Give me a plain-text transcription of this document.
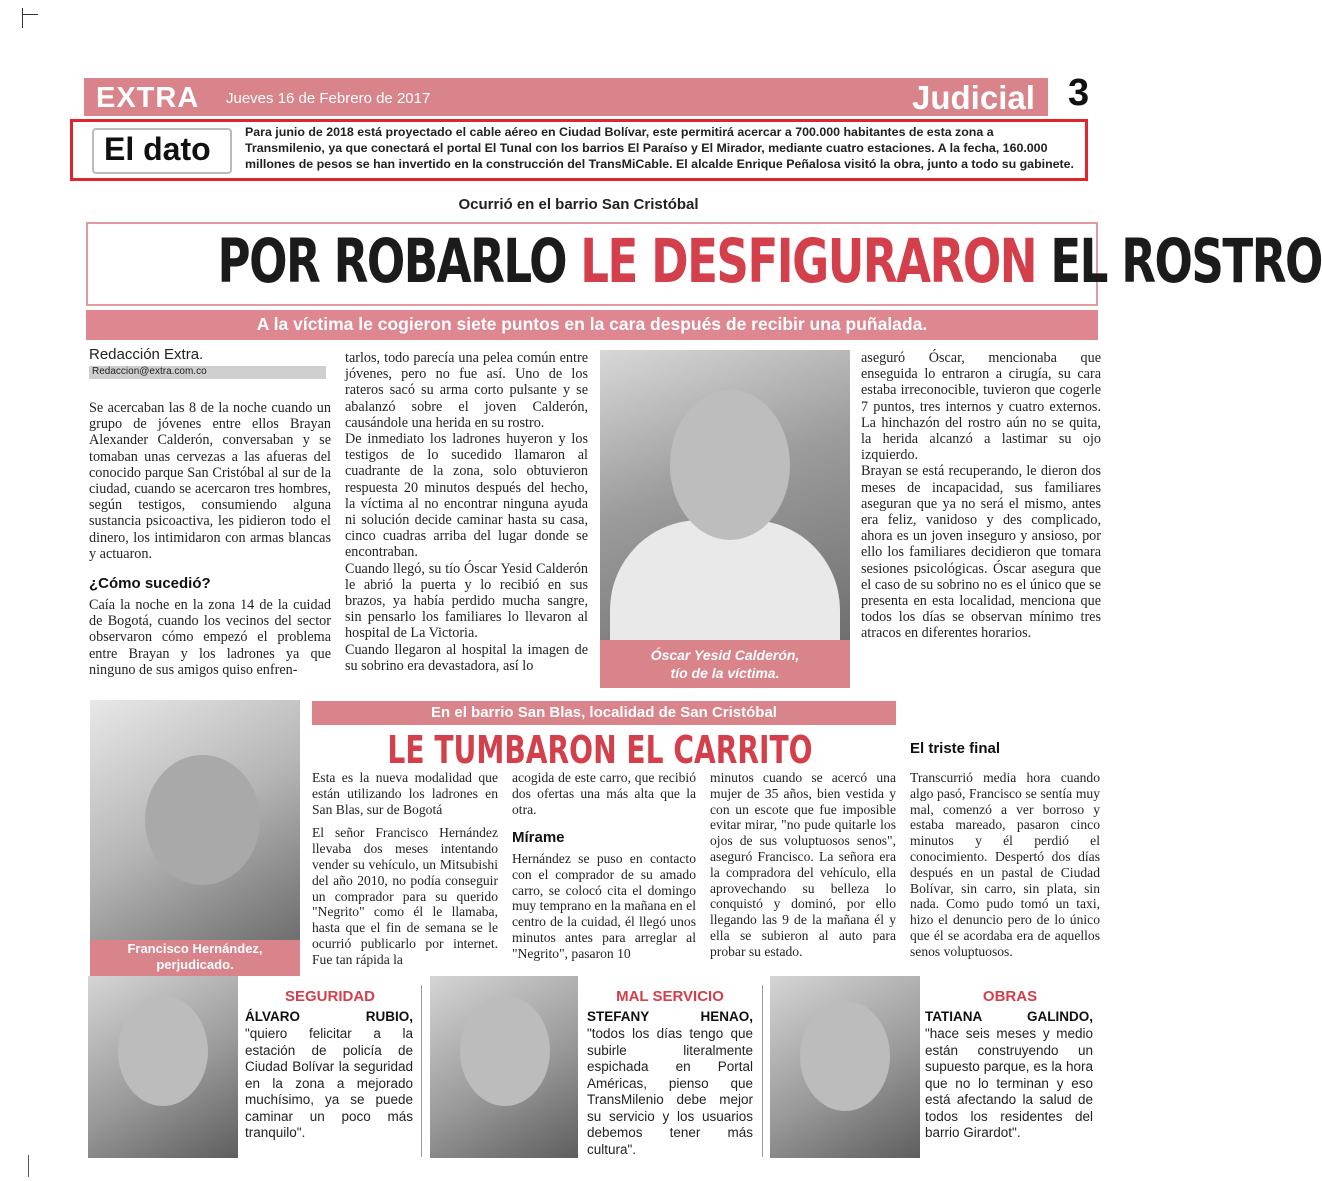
EXTRA Jueves 16 de Febrero de 2017	Judicial 3
El dato	Para junio de 2018 está proyectado el cable aéreo en Ciudad Bolívar, este permitirá acercar a 700.000 habitantes de esta zona a Transmilenio, ya que conectará el portal El Tunal con los barrios El Paraíso y El Mirador, mediante cuatro estaciones. A la fecha, 160.000 millones de pesos se han invertido en la construcción del TransMiCable. El alcalde Enrique Peñalosa visitó la obra, junto a todo su gabinete.
Ocurrió en el barrio San Cristóbal
POR ROBARLO LE DESFIGURARON EL ROSTRO
A la víctima le cogieron siete puntos en la cara después de recibir una puñalada.
Redacción Extra.
Redaccion@extra.com.co

Se acercaban las 8 de la noche cuando un grupo de jóvenes entre ellos Brayan Alexander Calderón, conversaban y se tomaban unas cervezas a las afueras del conocido parque San Cristóbal al sur de la ciudad, cuando se acercaron tres hombres, según testigos, consumiendo alguna sustancia psicoactiva, les pidieron todo el dinero, los intimidaron con armas blancas y actuaron.

¿Cómo sucedió?

Caía la noche en la zona 14 de la cuidad de Bogotá, cuando los vecinos del sector observaron cómo empezó el problema entre Brayan y los ladrones ya que ninguno de sus amigos quiso enfren-

tarlos, todo parecía una pelea común entre jóvenes, pero no fue así. Uno de los rateros sacó su arma corto pulsante y se abalanzó sobre el joven Calderón, causándole una herida en su rostro.

De inmediato los ladrones huyeron y los testigos de lo sucedido llamaron al cuadrante de la zona, solo obtuvieron respuesta 20 minutos después del hecho, la víctima al no encontrar ninguna ayuda ni solución decide caminar hasta su casa, cinco cuadras arriba del lugar donde se encontraban.

Cuando llegó, su tío Óscar Yesid Calderón le abrió la puerta y lo recibió en sus brazos, ya había perdido mucha sangre, sin pensarlo los familiares lo llevaron al hospital de La Victoria.

Cuando llegaron al hospital la imagen de su sobrino era devastadora, así lo

Óscar Yesid Calderón,
tío de la víctima.

aseguró Óscar, mencionaba que enseguida lo entraron a cirugía, su cara estaba irreconocible, tuvieron que cogerle 7 puntos, tres internos y cuatro externos. La hinchazón del rostro aún no se quita, la herida alcanzó a lastimar su ojo izquierdo.

Brayan se está recuperando, le dieron dos meses de incapacidad, sus familiares aseguran que ya no será el mismo, antes era feliz, vanidoso y des complicado, ahora es un joven inseguro y ansioso, por ello los familiares decidieron que tomara sesiones psicológicas. Óscar asegura que el caso de su sobrino no es el único que se presenta en esta localidad, menciona que todos los días se observan mínimo tres atracos en diferentes horarios.

Francisco Hernández,
perjudicado.
En el barrio San Blas, localidad de San Cristóbal
LE TUMBARON EL CARRITO

Esta es la nueva modalidad que están utilizando los ladrones en San Blas, sur de Bogotá

El señor Francisco Hernández llevaba dos meses intentando vender su vehículo, un Mitsubishi del año 2010, no podía conseguir un comprador para su querido "Negrito" como él le llamaba, hasta que el fin de semana se le ocurrió publicarlo por internet. Fue tan rápida la

acogida de este carro, que recibió dos ofertas una más alta que la otra.

Mírame

Hernández se puso en contacto con el comprador de su amado carro, se colocó cita el domingo muy temprano en la mañana en el centro de la cuidad, él llegó unos minutos antes para arreglar al "Negrito", pasaron 10

minutos cuando se acercó una mujer de 35 años, bien vestida y con un escote que fue imposible evitar mirar, "no pude quitarle los ojos de sus voluptuosos senos", aseguró Francisco. La señora era la compradora del vehículo, ella aprovechando su belleza lo conquistó y dominó, por ello llegando las 9 de la mañana él y ella se subieron al auto para probar su estado.

El triste final

Transcurrió media hora cuando algo pasó, Francisco se sentía muy mal, comenzó a ver borroso y estaba mareado, pasaron cinco minutos y él perdió el conocimiento. Despertó dos días después en un pastal de Ciudad Bolívar, sin carro, sin plata, sin nada. Como pudo tomó un taxi, hizo el denuncio pero de lo único que él se acordaba era de aquellos senos voluptuosos.

SEGURIDAD
ÁLVARO RUBIO,
"quiero felicitar a la estación de policía de Ciudad Bolívar la seguridad en la zona a mejorado muchísimo, ya se puede caminar un poco más tranquilo".
MAL SERVICIO
STEFANY HENAO,
"todos los días tengo que subirle literalmente espichada en Portal Américas, pienso que TransMilenio debe mejor su servicio y los usuarios debemos tener más cultura".
OBRAS
TATIANA GALINDO,
"hace seis meses y medio están construyendo un supuesto parque, es la hora que no lo terminan y eso está afectando la salud de todos los residentes del barrio Girardot".
